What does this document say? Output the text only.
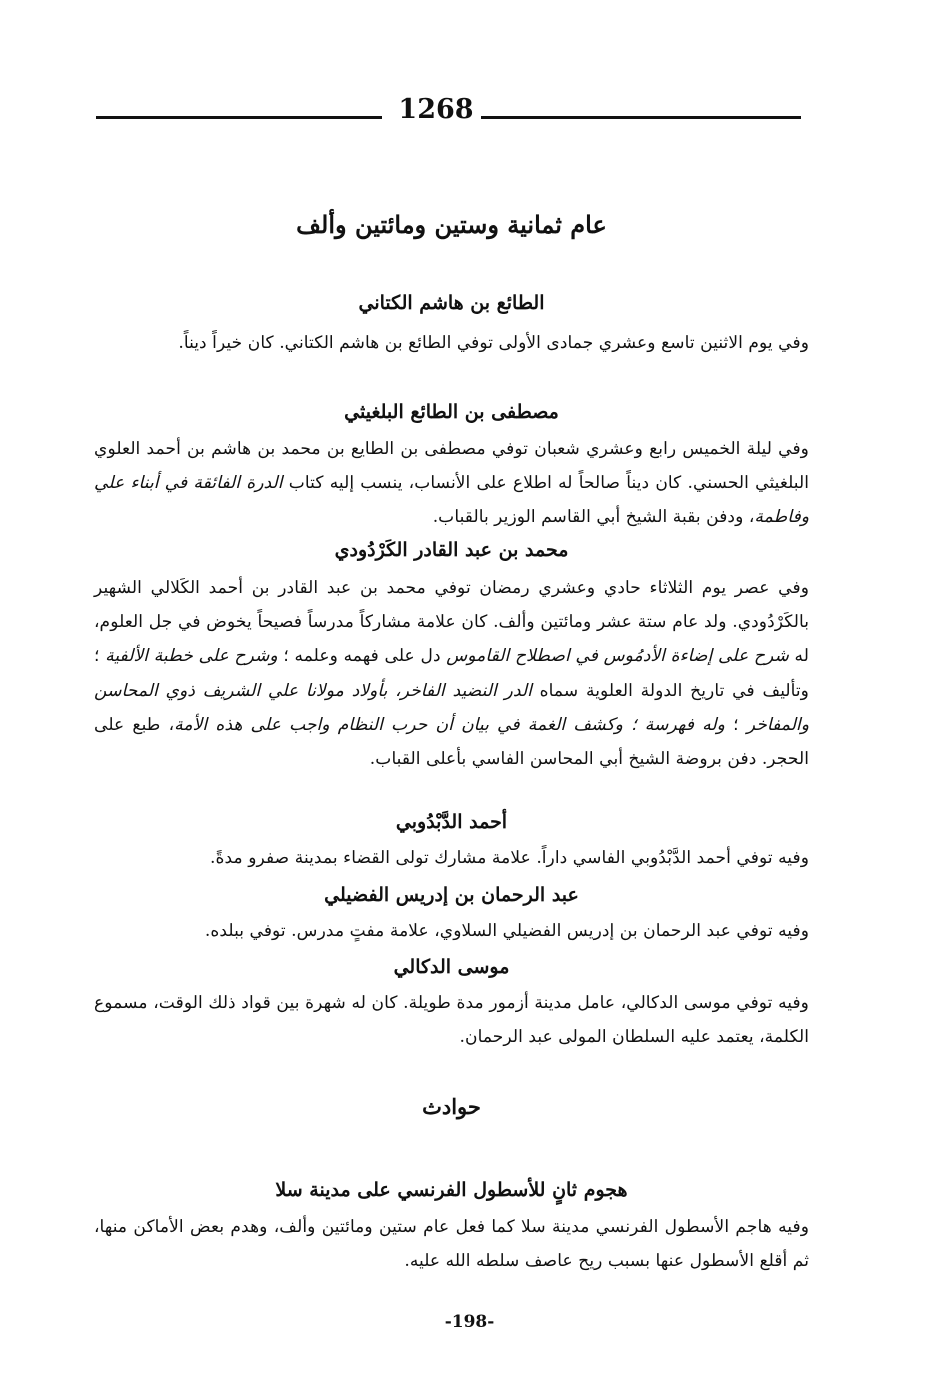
1268
عام ثمانية وستين ومائتين وألف
الطائع بن هاشم الكتاني

وفي يوم الاثنين تاسع وعشري جمادى الأولى توفي الطائع بن هاشم الكتاني. كان خيراً ديناً.

مصطفى بن الطائع البلغيثي

وفي ليلة الخميس رابع وعشري شعبان توفي مصطفى بن الطايع بن محمد بن هاشم بن أحمد العلوي البلغيثي الحسني. كان ديناً صالحاً له اطلاع على الأنساب، ينسب إليه كتاب الدرة الفائقة في أبناء علي وفاطمة، ودفن بقبة الشيخ أبي القاسم الوزير بالقباب.

محمد بن عبد القادر الكَرْدُودي

وفي عصر يوم الثلاثاء حادي وعشري رمضان توفي محمد بن عبد القادر بن أحمد الكَلالي الشهير بالكَرْدُودي. ولد عام ستة عشر ومائتين وألف. كان علامة مشاركاً مدرساً فصيحاً يخوض في جل العلوم، له شرح على إضاءة الأدمُوس في اصطلاح القاموس دل على فهمه وعلمه ؛ وشرح على خطبة الألفية ؛ وتأليف في تاريخ الدولة العلوية سماه الدر النضيد الفاخر، بأولاد مولانا علي الشريف ذوي المحاسن والمفاخر ؛ وله فهرسة ؛ وكشف الغمة في بيان أن حرب النظام واجب على هذه الأمة، طبع على الحجر. دفن بروضة الشيخ أبي المحاسن الفاسي بأعلى القباب.

أحمد الدَّبْدُوبي
وفيه توفي أحمد الدَّبْدُوبي الفاسي داراً. علامة مشارك تولى القضاء بمدينة صفرو مدةً.
عبد الرحمان بن إدريس الفضيلي
وفيه توفي عبد الرحمان بن إدريس الفضيلي السلاوي، علامة مفتٍ مدرس. توفي ببلده.
موسى الدكالي

وفيه توفي موسى الدكالي، عامل مدينة أزمور مدة طويلة. كان له شهرة بين قواد ذلك الوقت، مسموع الكلمة، يعتمد عليه السلطان المولى عبد الرحمان.

حوادث
هجوم ثانٍ للأسطول الفرنسي على مدينة سلا

وفيه هاجم الأسطول الفرنسي مدينة سلا كما فعل عام ستين ومائتين وألف، وهدم بعض الأماكن منها، ثم أقلع الأسطول عنها بسبب ريح عاصف سلطه الله عليه.

-198-
